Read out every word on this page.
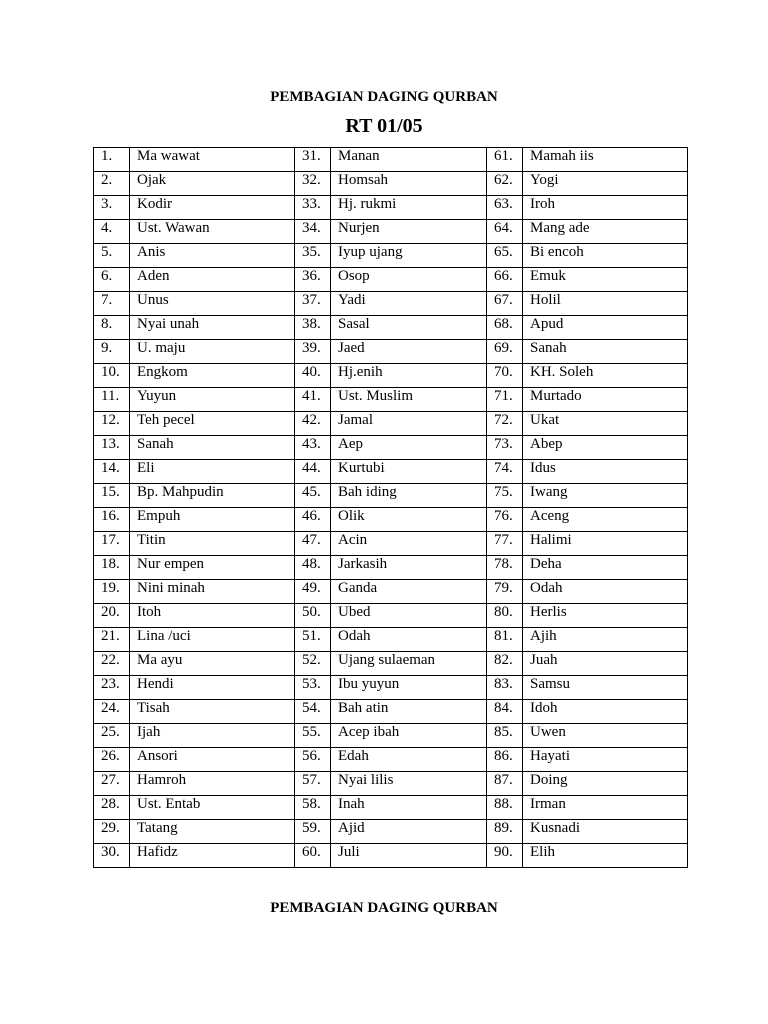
PEMBAGIAN DAGING QURBAN
RT 01/05
1.	Ma wawat	31.	Manan	61.	Mamah iis
2.	Ojak	32.	Homsah	62.	Yogi
3.	Kodir	33.	Hj. rukmi	63.	Iroh
4.	Ust. Wawan	34.	Nurjen	64.	Mang ade
5.	Anis	35.	Iyup ujang	65.	Bi encoh
6.	Aden	36.	Osop	66.	Emuk
7.	Unus	37.	Yadi	67.	Holil
8.	Nyai unah	38.	Sasal	68.	Apud
9.	U. maju	39.	Jaed	69.	Sanah
10.	Engkom	40.	Hj.enih	70.	KH. Soleh
11.	Yuyun	41.	Ust. Muslim	71.	Murtado
12.	Teh pecel	42.	Jamal	72.	Ukat
13.	Sanah	43.	Aep	73.	Abep
14.	Eli	44.	Kurtubi	74.	Idus
15.	Bp. Mahpudin	45.	Bah iding	75.	Iwang
16.	Empuh	46.	Olik	76.	Aceng
17.	Titin	47.	Acin	77.	Halimi
18.	Nur empen	48.	Jarkasih	78.	Deha
19.	Nini minah	49.	Ganda	79.	Odah
20.	Itoh	50.	Ubed	80.	Herlis
21.	Lina /uci	51.	Odah	81.	Ajih
22.	Ma ayu	52.	Ujang sulaeman	82.	Juah
23.	Hendi	53.	Ibu yuyun	83.	Samsu
24.	Tisah	54.	Bah atin	84.	Idoh
25.	Ijah	55.	Acep ibah	85.	Uwen
26.	Ansori	56.	Edah	86.	Hayati
27.	Hamroh	57.	Nyai lilis	87.	Doing
28.	Ust. Entab	58.	Inah	88.	Irman
29.	Tatang	59.	Ajid	89.	Kusnadi
30.	Hafidz	60.	Juli	90.	Elih
PEMBAGIAN DAGING QURBAN
